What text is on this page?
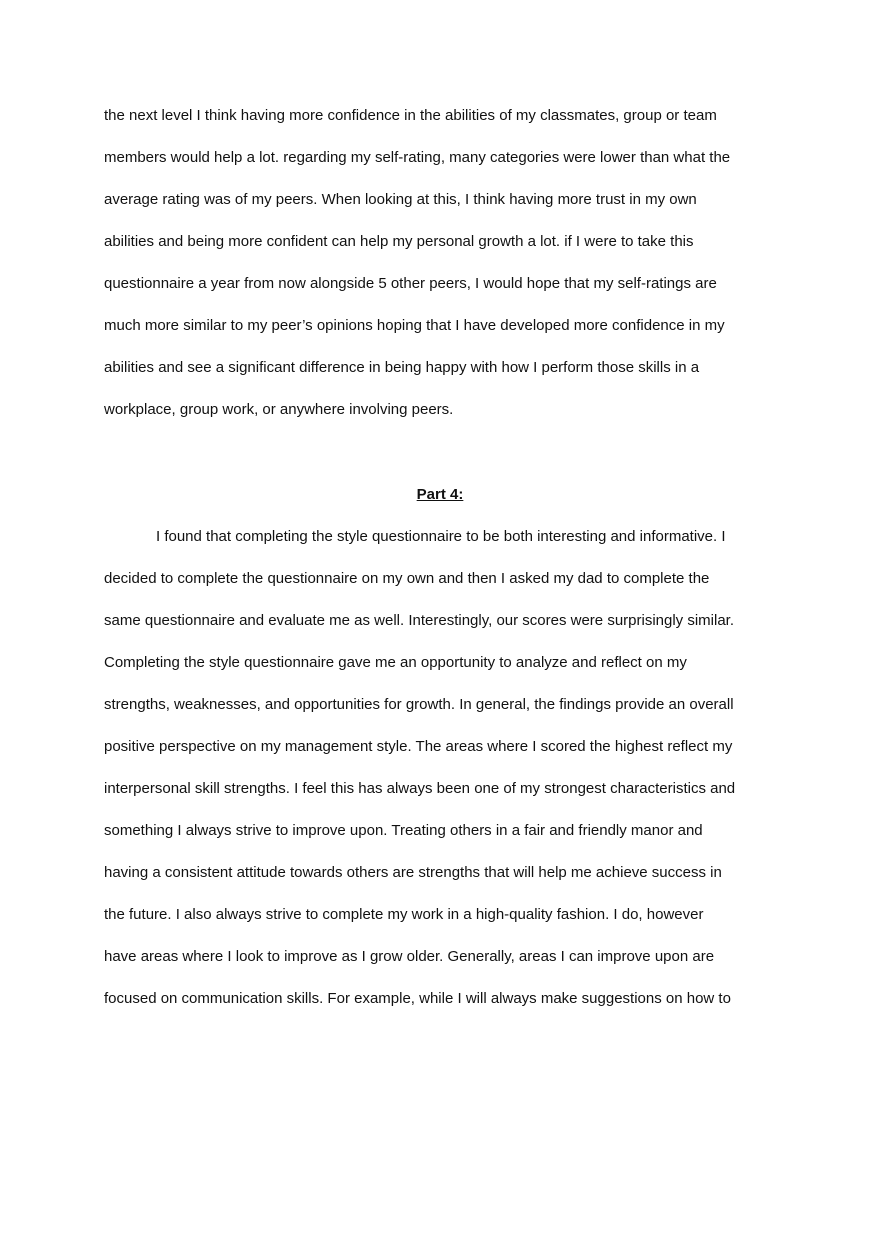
the next level I think having more confidence in the abilities of my classmates, group or team
members would help a lot. regarding my self-rating, many categories were lower than what the
average rating was of my peers. When looking at this, I think having more trust in my own
abilities and being more confident can help my personal growth a lot. if I were to take this
questionnaire a year from now alongside 5 other peers, I would hope that my self-ratings are
much more similar to my peer’s opinions hoping that I have developed more confidence in my
abilities and see a significant difference in being happy with how I perform those skills in a
workplace, group work, or anywhere involving peers.
Part 4:
I found that completing the style questionnaire to be both interesting and informative. I
decided to complete the questionnaire on my own and then I asked my dad to complete the
same questionnaire and evaluate me as well. Interestingly, our scores were surprisingly similar.
Completing the style questionnaire gave me an opportunity to analyze and reflect on my
strengths, weaknesses, and opportunities for growth. In general, the findings provide an overall
positive perspective on my management style. The areas where I scored the highest reflect my
interpersonal skill strengths. I feel this has always been one of my strongest characteristics and
something I always strive to improve upon. Treating others in a fair and friendly manor and
having a consistent attitude towards others are strengths that will help me achieve success in
the future. I also always strive to complete my work in a high-quality fashion. I do, however
have areas where I look to improve as I grow older. Generally, areas I can improve upon are
focused on communication skills. For example, while I will always make suggestions on how to
